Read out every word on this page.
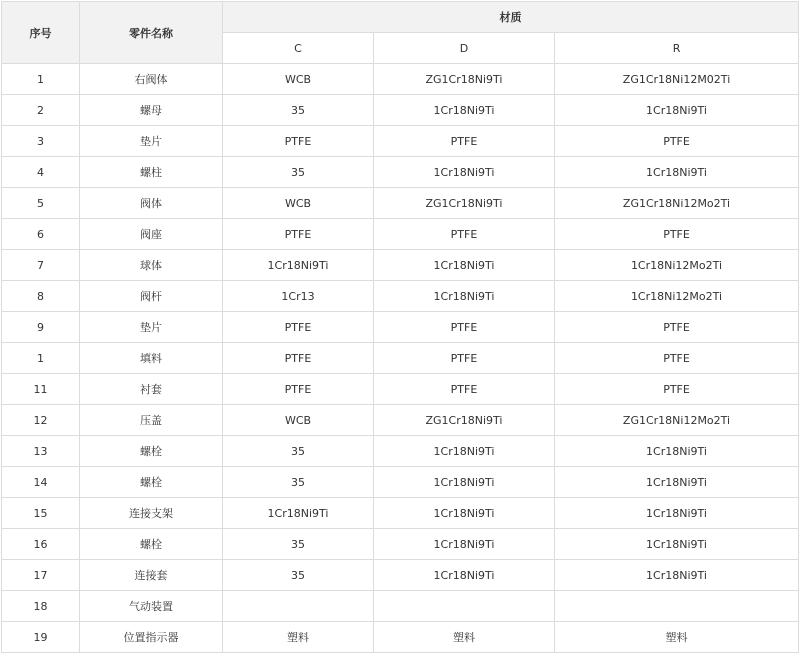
序号	零件名称	材质		
		C	D	R
1	右阀体	WCB	ZG1Cr18Ni9Ti	ZG1Cr18Ni12M02Ti
2	螺母	35	1Cr18Ni9Ti	1Cr18Ni9Ti
3	垫片	PTFE	PTFE	PTFE
4	螺柱	35	1Cr18Ni9Ti	1Cr18Ni9Ti
5	阀体	WCB	ZG1Cr18Ni9Ti	ZG1Cr18Ni12Mo2Ti
6	阀座	PTFE	PTFE	PTFE
7	球体	1Cr18Ni9Ti	1Cr18Ni9Ti	1Cr18Ni12Mo2Ti
8	阀杆	1Cr13	1Cr18Ni9Ti	1Cr18Ni12Mo2Ti
9	垫片	PTFE	PTFE	PTFE
1	填料	PTFE	PTFE	PTFE
11	衬套	PTFE	PTFE	PTFE
12	压盖	WCB	ZG1Cr18Ni9Ti	ZG1Cr18Ni12Mo2Ti
13	螺栓	35	1Cr18Ni9Ti	1Cr18Ni9Ti
14	螺栓	35	1Cr18Ni9Ti	1Cr18Ni9Ti
15	连接支架	1Cr18Ni9Ti	1Cr18Ni9Ti	1Cr18Ni9Ti
16	螺栓	35	1Cr18Ni9Ti	1Cr18Ni9Ti
17	连接套	35	1Cr18Ni9Ti	1Cr18Ni9Ti
18	气动装置			
19	位置指示器	塑料	塑料	塑料
